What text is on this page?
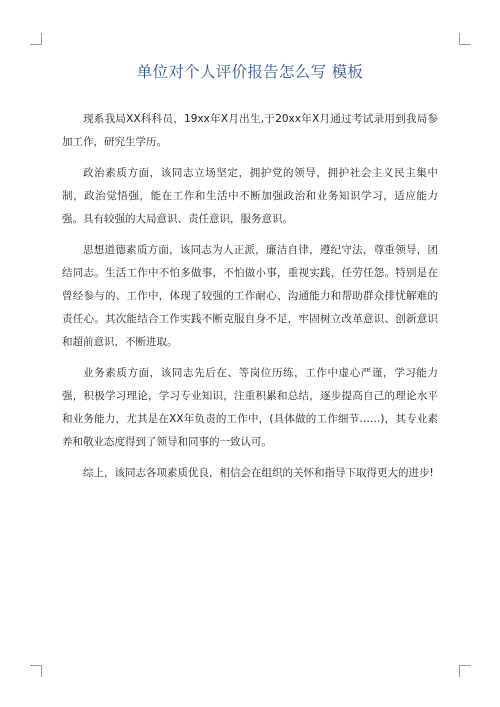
单位对个人评价报告怎么写 模板

现系我局XX科科员，19xx年X月出生,于20xx年X月通过考试录用到我局参加工作，研究生学历。

政治素质方面，该同志立场坚定，拥护党的领导，拥护社会主义民主集中制，政治觉悟强，能在工作和生活中不断加强政治和业务知识学习，适应能力强。具有较强的大局意识、责任意识，服务意识。

思想道德素质方面，该同志为人正派，廉洁自律，遵纪守法，尊重领导，团结同志。生活工作中不怕多做事，不怕做小事，重视实践，任劳任怨。特别是在曾经参与的、工作中，体现了较强的工作耐心、沟通能力和帮助群众排忧解难的责任心。其次能结合工作实践不断克服自身不足，牢固树立改革意识、创新意识和超前意识，不断进取。

业务素质方面，该同志先后在、等岗位历练，工作中虚心严谨，学习能力强，积极学习理论，学习专业知识，注重积累和总结，逐步提高自己的理论水平和业务能力，尤其是在XX年负责的工作中，(具体做的工作细节……)，其专业素养和敬业态度得到了领导和同事的一致认可。

综上，该同志各项素质优良，相信会在组织的关怀和指导下取得更大的进步!
